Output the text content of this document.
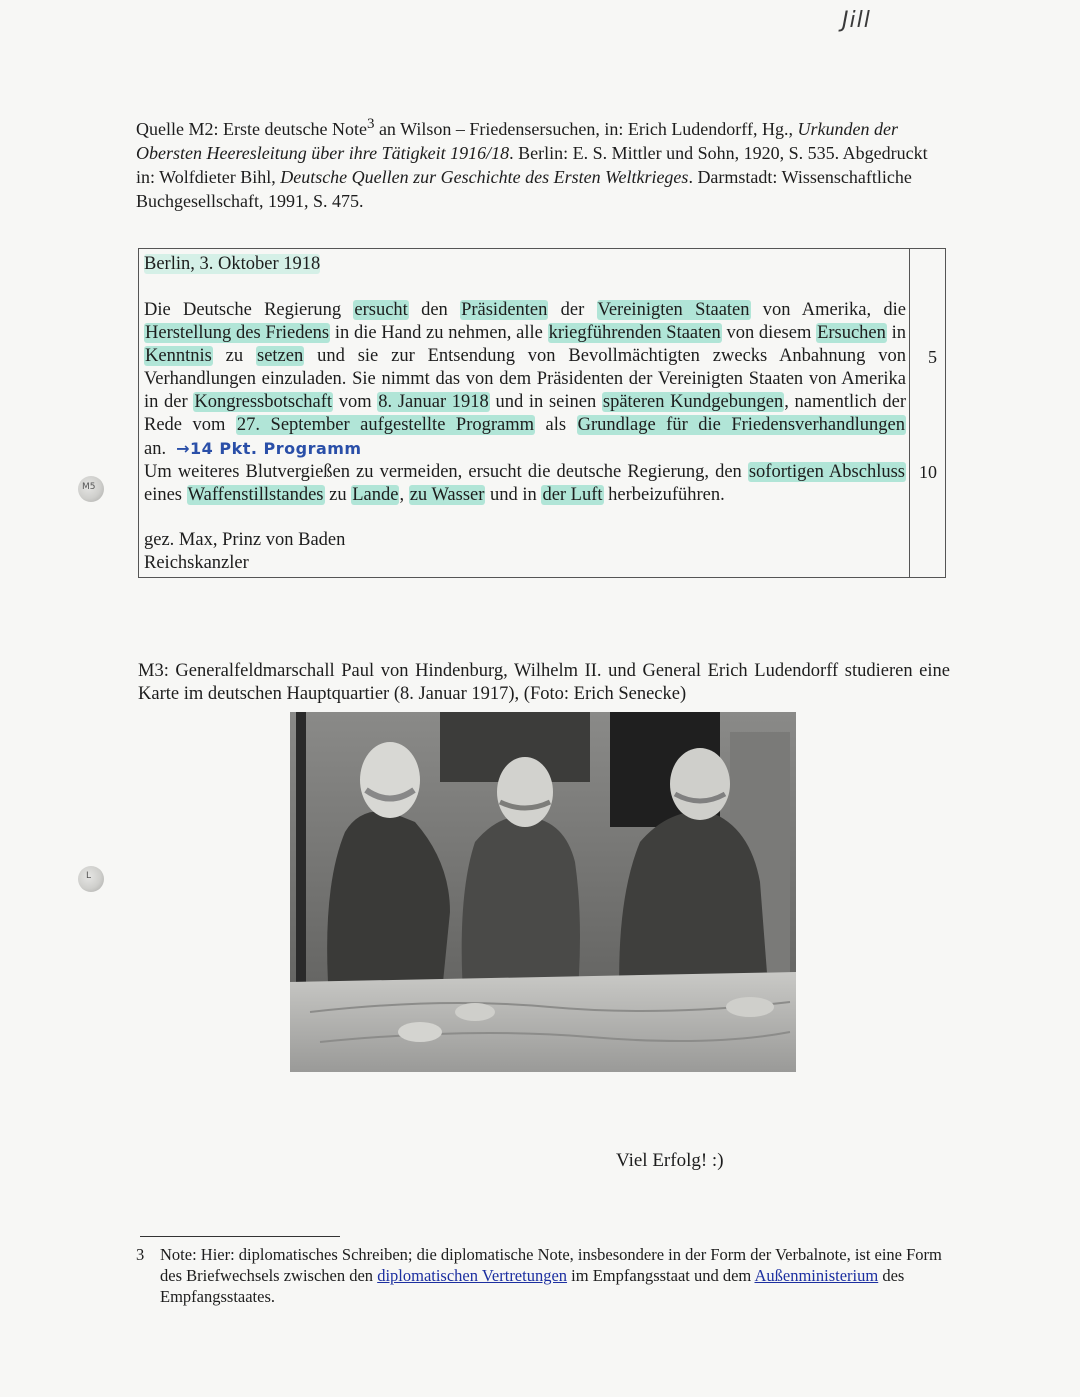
Jill
M5
L
Quelle M2: Erste deutsche Note$^3$ an Wilson – Friedensersuchen, in: Erich Ludendorff, Hg., Urkunden der Obersten Heeresleitung über ihre Tätigkeit 1916/18. Berlin: E. S. Mittler und Sohn, 1920, S. 535. Abgedruckt in: Wolfdieter Bihl, Deutsche Quellen zur Geschichte des Ersten Weltkrieges. Darmstadt: Wissenschaftliche Buchgesellschaft, 1991, S. 475.
Berlin, 3. Oktober 1918
Die Deutsche Regierung ersucht den Präsidenten der Vereinigten Staaten von Amerika, die Herstellung des Friedens in die Hand zu nehmen, alle kriegführenden Staaten von diesem Ersuchen in Kenntnis zu setzen und sie zur Entsendung von Bevollmächtigten zwecks Anbahnung von Verhandlungen einzuladen. Sie nimmt das von dem Präsidenten der Vereinigten Staaten von Amerika in der Kongressbotschaft vom 8. Januar 1918 und in seinen späteren Kundgebungen, namentlich der Rede vom 27. September aufgestellte Programm als Grundlage für die Friedensverhandlungen an. →14 Pkt. Programm
Um weiteres Blutvergießen zu vermeiden, ersucht die deutsche Regierung, den sofortigen Abschluss eines Waffenstillstandes zu Lande, zu Wasser und in der Luft herbeizuführen.
gez. Max, Prinz von Baden
Reichskanzler
5
10
M3: Generalfeldmarschall Paul von Hindenburg, Wilhelm II. und General Erich Ludendorff studieren eine Karte im deutschen Hauptquartier (8. Januar 1917), (Foto: Erich Senecke)
Viel Erfolg! :)
3 Note: Hier: diplomatisches Schreiben; die diplomatische Note, insbesondere in der Form der Verbalnote, ist eine Form des Briefwechsels zwischen den diplomatischen Vertretungen im Empfangsstaat und dem Außenministerium des Empfangsstaates.
